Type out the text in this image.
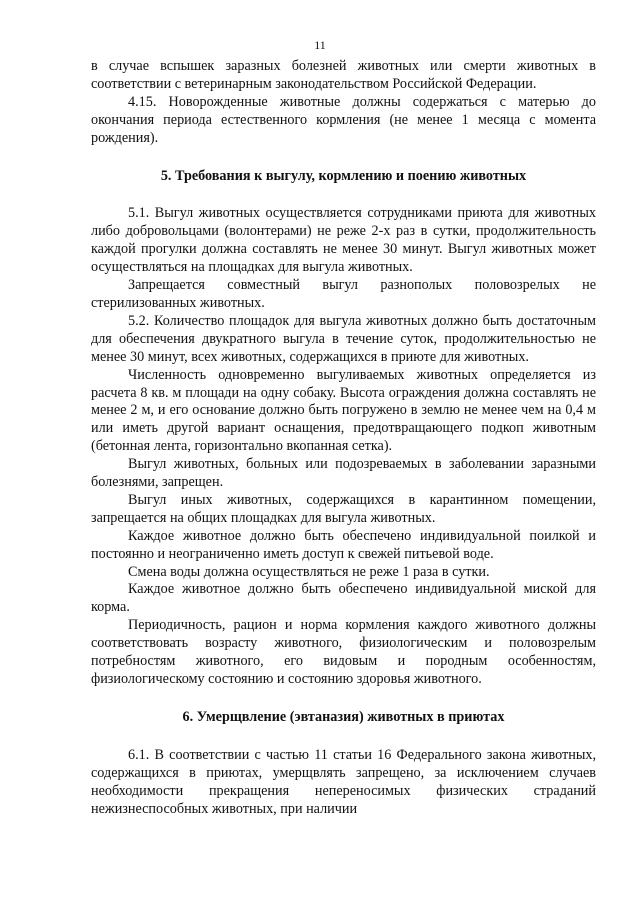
11

в случае вспышек заразных болезней животных или смерти животных в соответствии с ветеринарным законодательством Российской Федерации.

4.15. Новорожденные животные должны содержаться с матерью до окончания периода естественного кормления (не менее 1 месяца с момента рождения).

5. Требования к выгулу, кормлению и поению животных

5.1. Выгул животных осуществляется сотрудниками приюта для животных либо добровольцами (волонтерами) не реже 2-х раз в сутки, продолжительность каждой прогулки должна составлять не менее 30 минут. Выгул животных может осуществляться на площадках для выгула животных.

Запрещается совместный выгул разнополых половозрелых не стерилизованных животных.

5.2. Количество площадок для выгула животных должно быть достаточным для обеспечения двукратного выгула в течение суток, продолжительностью не менее 30 минут, всех животных, содержащихся в приюте для животных.

Численность одновременно выгуливаемых животных определяется из расчета 8 кв. м площади на одну собаку. Высота ограждения должна составлять не менее 2 м, и его основание должно быть погружено в землю не менее чем на 0,4 м или иметь другой вариант оснащения, предотвращающего подкоп животным (бетонная лента, горизонтально вкопанная сетка).

Выгул животных, больных или подозреваемых в заболевании заразными болезнями, запрещен.

Выгул иных животных, содержащихся в карантинном помещении, запрещается на общих площадках для выгула животных.

Каждое животное должно быть обеспечено индивидуальной поилкой и постоянно и неограниченно иметь доступ к свежей питьевой воде.

Смена воды должна осуществляться не реже 1 раза в сутки.

Каждое животное должно быть обеспечено индивидуальной миской для корма.

Периодичность, рацион и норма кормления каждого животного должны соответствовать возрасту животного, физиологическим и половозрелым потребностям животного, его видовым и породным особенностям, физиологическому состоянию и состоянию здоровья животного.

6. Умерщвление (эвтаназия) животных в приютах

6.1. В соответствии с частью 11 статьи 16 Федерального закона животных, содержащихся в приютах, умерщвлять запрещено, за исключением случаев необходимости прекращения непереносимых физических страданий нежизнеспособных животных, при наличии
